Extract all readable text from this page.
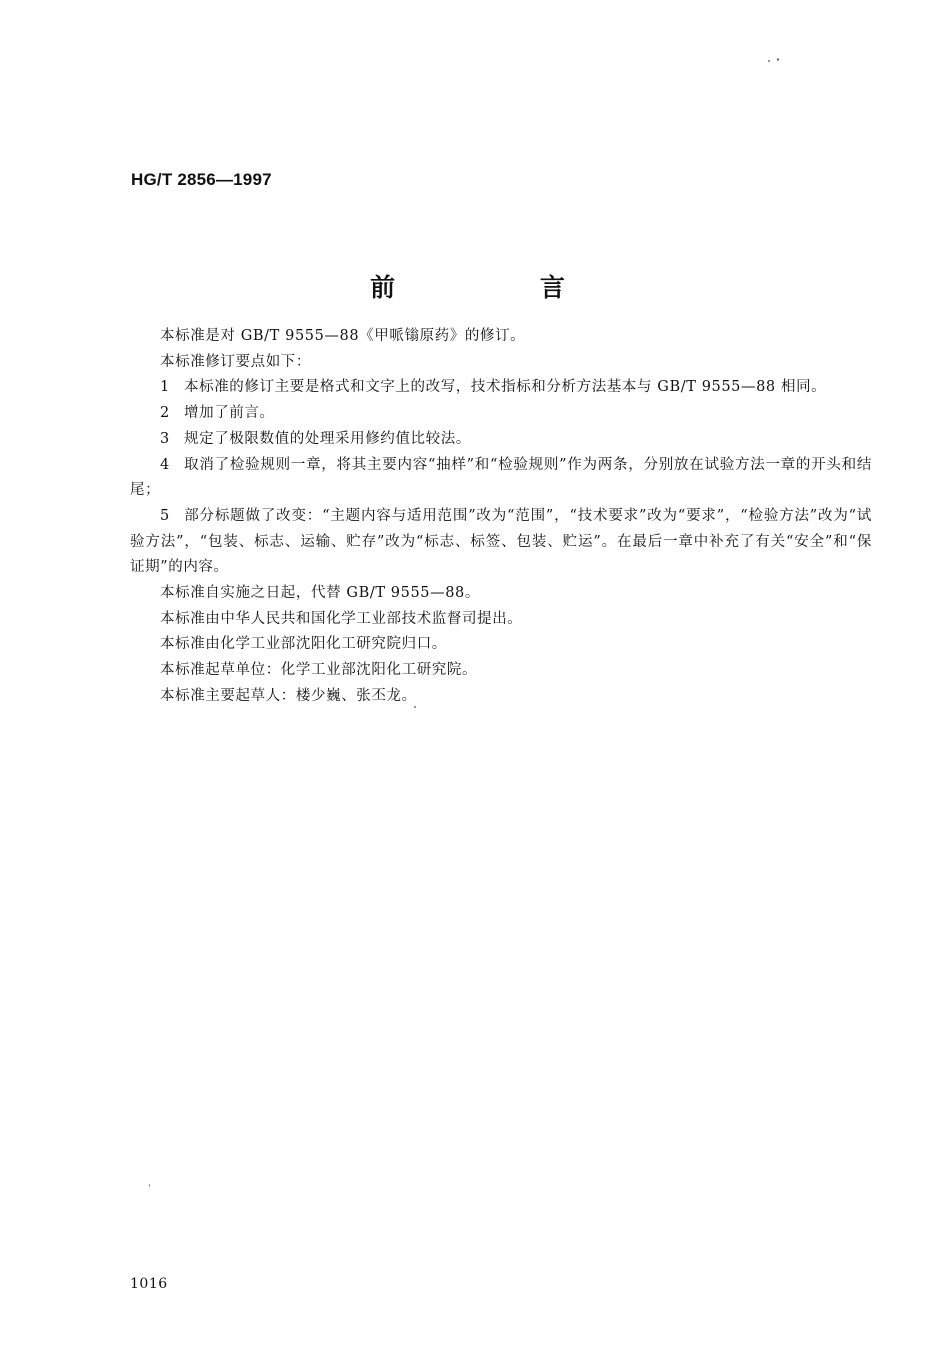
HG/T 2856—1997
前 言

本标准是对 GB/T 9555—88《甲哌𬭩原药》的修订。

本标准修订要点如下：

1 本标准的修订主要是格式和文字上的改写，技术指标和分析方法基本与 GB/T 9555—88 相同。

2 增加了前言。

3 规定了极限数值的处理采用修约值比较法。

4 取消了检验规则一章，将其主要内容“抽样”和“检验规则”作为两条，分别放在试验方法一章的开头和结尾；

5 部分标题做了改变：“主题内容与适用范围”改为“范围”，“技术要求”改为“要求”，“检验方法”改为“试验方法”，“包装、标志、运输、贮存”改为“标志、标签、包装、贮运”。在最后一章中补充了有关“安全”和“保证期”的内容。

本标准自实施之日起，代替 GB/T 9555—88。

本标准由中华人民共和国化学工业部技术监督司提出。

本标准由化学工业部沈阳化工研究院归口。

本标准起草单位：化学工业部沈阳化工研究院。

本标准主要起草人：楼少巍、张丕龙。

1016
